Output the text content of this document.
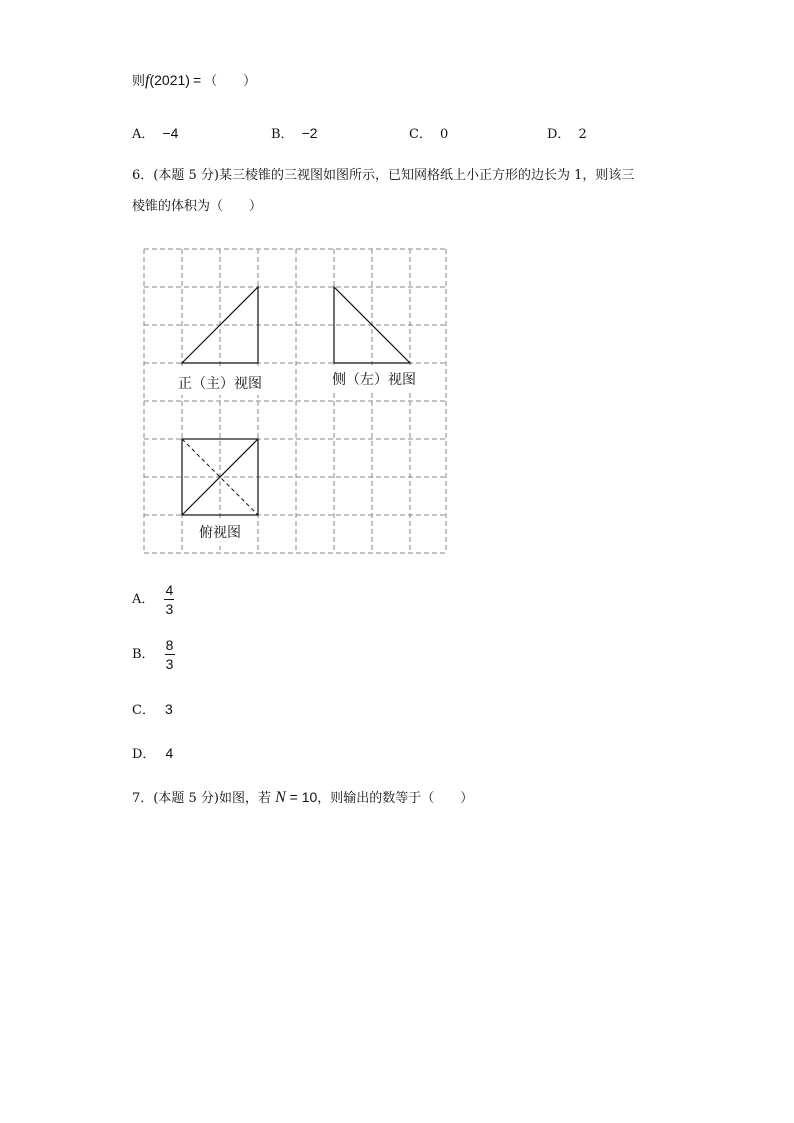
则f(2021) = （　　）
A． −4	B． −2	C． 0	D． 2
6．(本题 5 分)某三棱锥的三视图如图所示，已知网格纸上小正方形的边长为 1，则该三
棱锥的体积为（　　）
正（主）视图	侧（左）视图
俯视图
A． $\frac{4}{3}$
B． $\frac{8}{3}$
C． 3
D． 4
7．(本题 5 分)如图，若 N = 10，则输出的数等于（　　）
